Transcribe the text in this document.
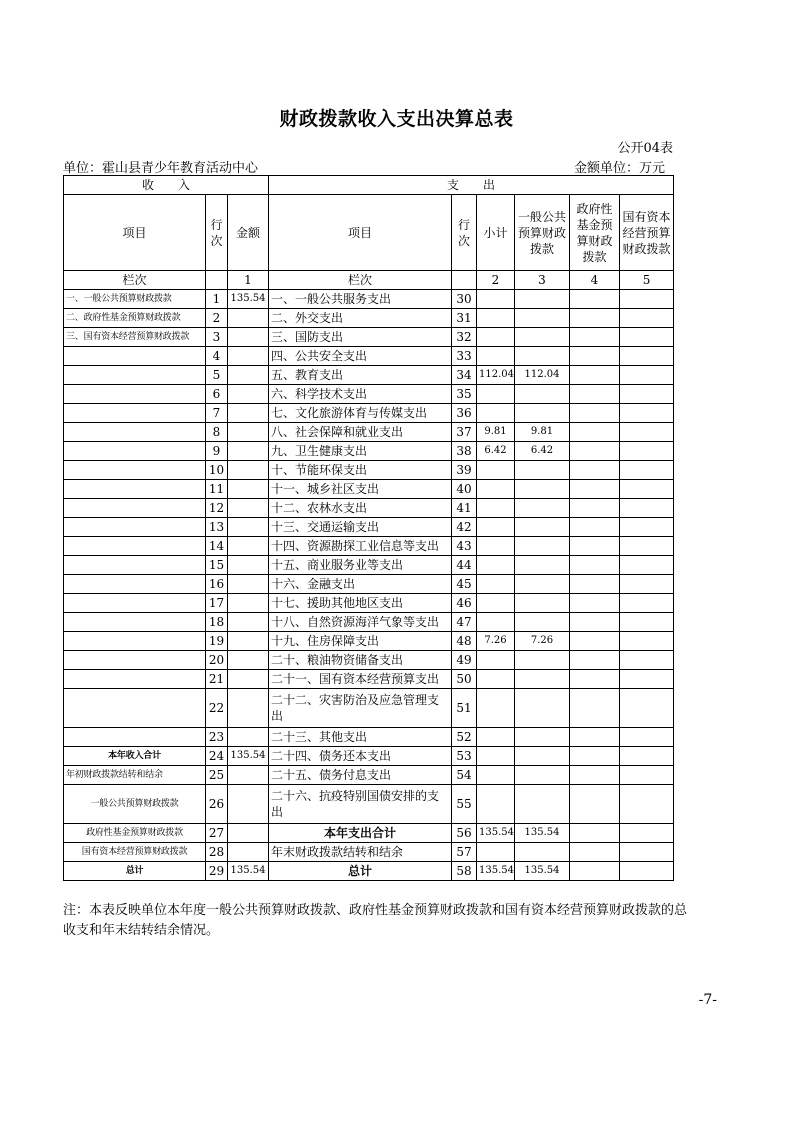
财政拨款收入支出决算总表
公开04表
单位：霍山县青少年教育活动中心	金额单位：万元
收　　入			支　　出					
项目	行次	金额	项目	行次	小计	一般公共预算财政拨款	政府性基金预算财政拨款	国有资本经营预算财政拨款
栏次		1	栏次		2	3	4	5
一、一般公共预算财政拨款	1	135.54	一、一般公共服务支出	30				
二、政府性基金预算财政拨款	2		二、外交支出	31				
三、国有资本经营预算财政拨款	3		三、国防支出	32				
	4		四、公共安全支出	33				
	5		五、教育支出	34	112.04	112.04		
	6		六、科学技术支出	35				
	7		七、文化旅游体育与传媒支出	36				
	8		八、社会保障和就业支出	37	9.81	9.81		
	9		九、卫生健康支出	38	6.42	6.42		
	10		十、节能环保支出	39				
	11		十一、城乡社区支出	40				
	12		十二、农林水支出	41				
	13		十三、交通运输支出	42				
	14		十四、资源勘探工业信息等支出	43				
	15		十五、商业服务业等支出	44				
	16		十六、金融支出	45				
	17		十七、援助其他地区支出	46				
	18		十八、自然资源海洋气象等支出	47				
	19		十九、住房保障支出	48	7.26	7.26		
	20		二十、粮油物资储备支出	49				
	21		二十一、国有资本经营预算支出	50				
	22		二十二、灾害防治及应急管理支出	51				
	23		二十三、其他支出	52				
本年收入合计	24	135.54	二十四、债务还本支出	53				
年初财政拨款结转和结余	25		二十五、债务付息支出	54				
一般公共预算财政拨款	26		二十六、抗疫特别国债安排的支出	55				
政府性基金预算财政拨款	27		本年支出合计	56	135.54	135.54		
国有资本经营预算财政拨款	28		年末财政拨款结转和结余	57				
总计	29	135.54	总计	58	135.54	135.54		
注：本表反映单位本年度一般公共预算财政拨款、政府性基金预算财政拨款和国有资本经营预算财政拨款的总收支和年末结转结余情况。
-7-
